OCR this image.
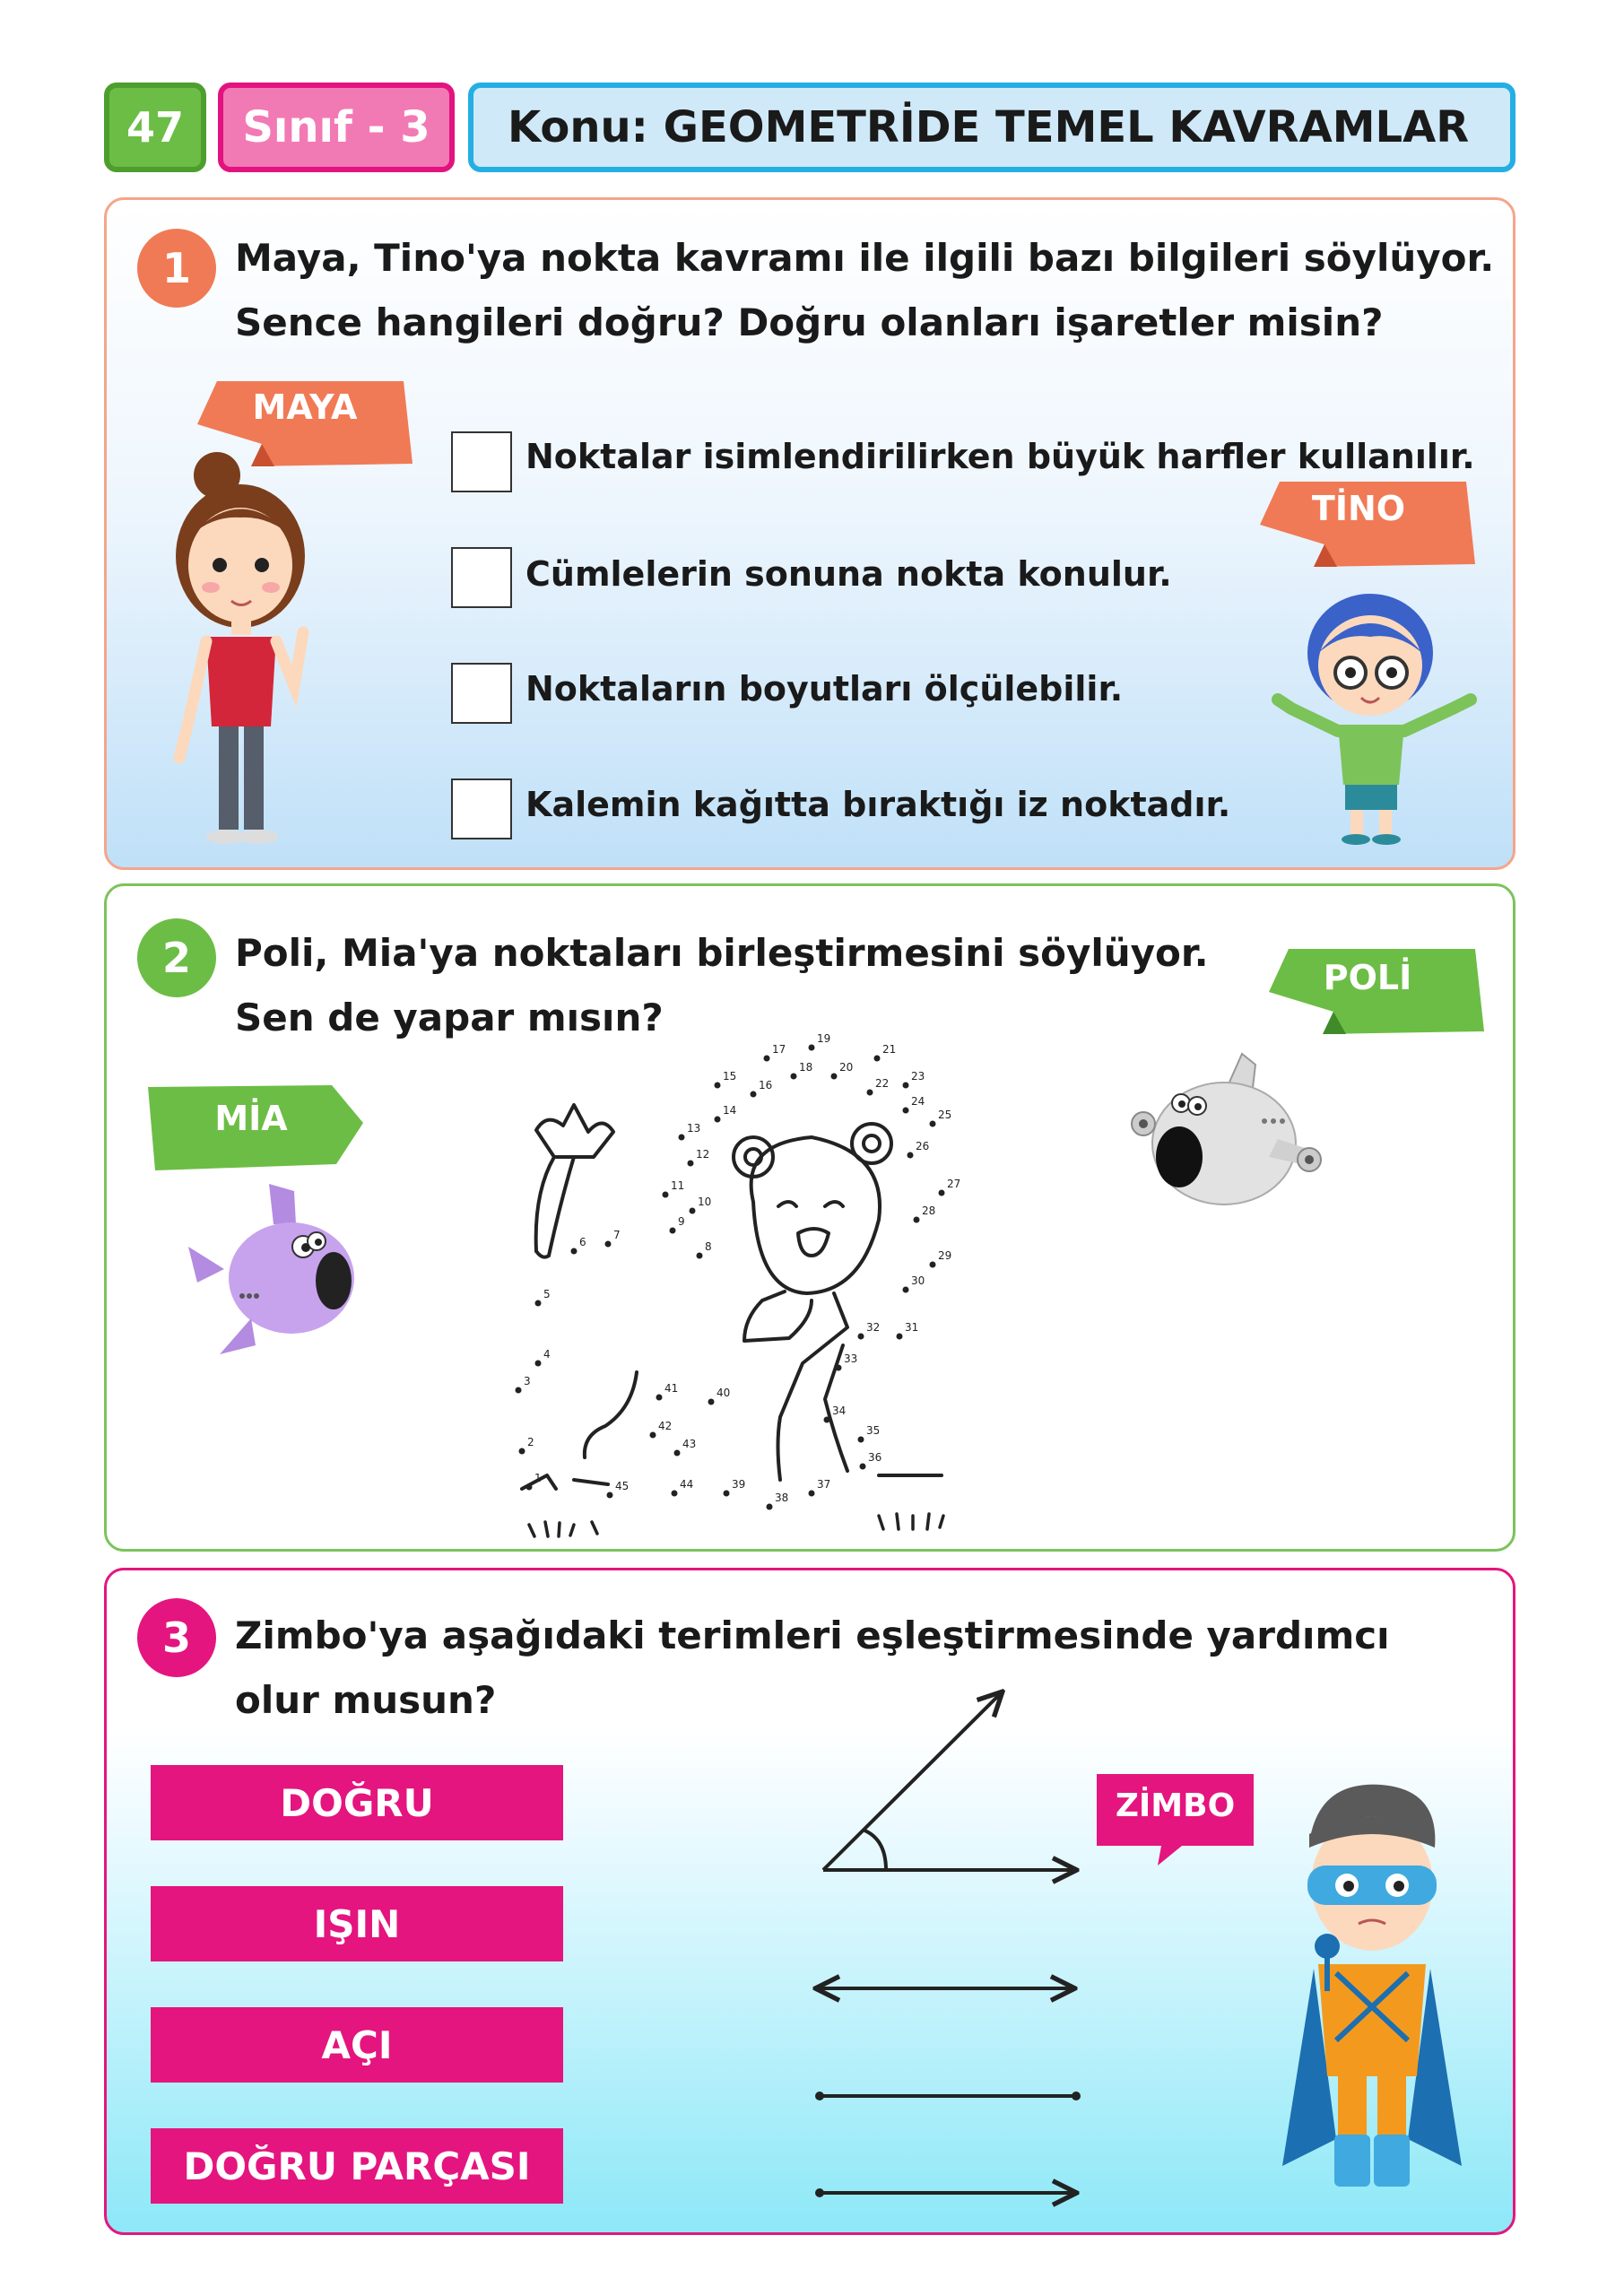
47 Sınıf - 3 Konu: GEOMETRİDE TEMEL KAVRAMLAR
1	Maya, Tino'ya nokta kavramı ile ilgili bazı bilgileri söylüyor.
Sence hangileri doğru? Doğru olanları işaretler misin?
MAYA
TİNO
Noktalar isimlendirilirken büyük harfler kullanılır.
Cümlelerin sonuna nokta konulur.
Noktaların boyutları ölçülebilir.
Kalemin kağıtta bıraktığı iz noktadır.
2	Poli, Mia'ya noktaları birleştirmesini söylüyor.
Sen de yapar mısın?
POLİ
MİA
1
2
3
4
5
6
7
8
9
10
11
12
13
14
15
16
17
18
19
20
21
22
23
24
25
26
27
28
29
30
31
32
33
34
35
36
37
38
39
40
41
42
43
44
45
3	Zimbo'ya aşağıdaki terimleri eşleştirmesinde yardımcı
olur musun?
DOĞRU
IŞIN
AÇI
DOĞRU PARÇASI
ZİMBO
